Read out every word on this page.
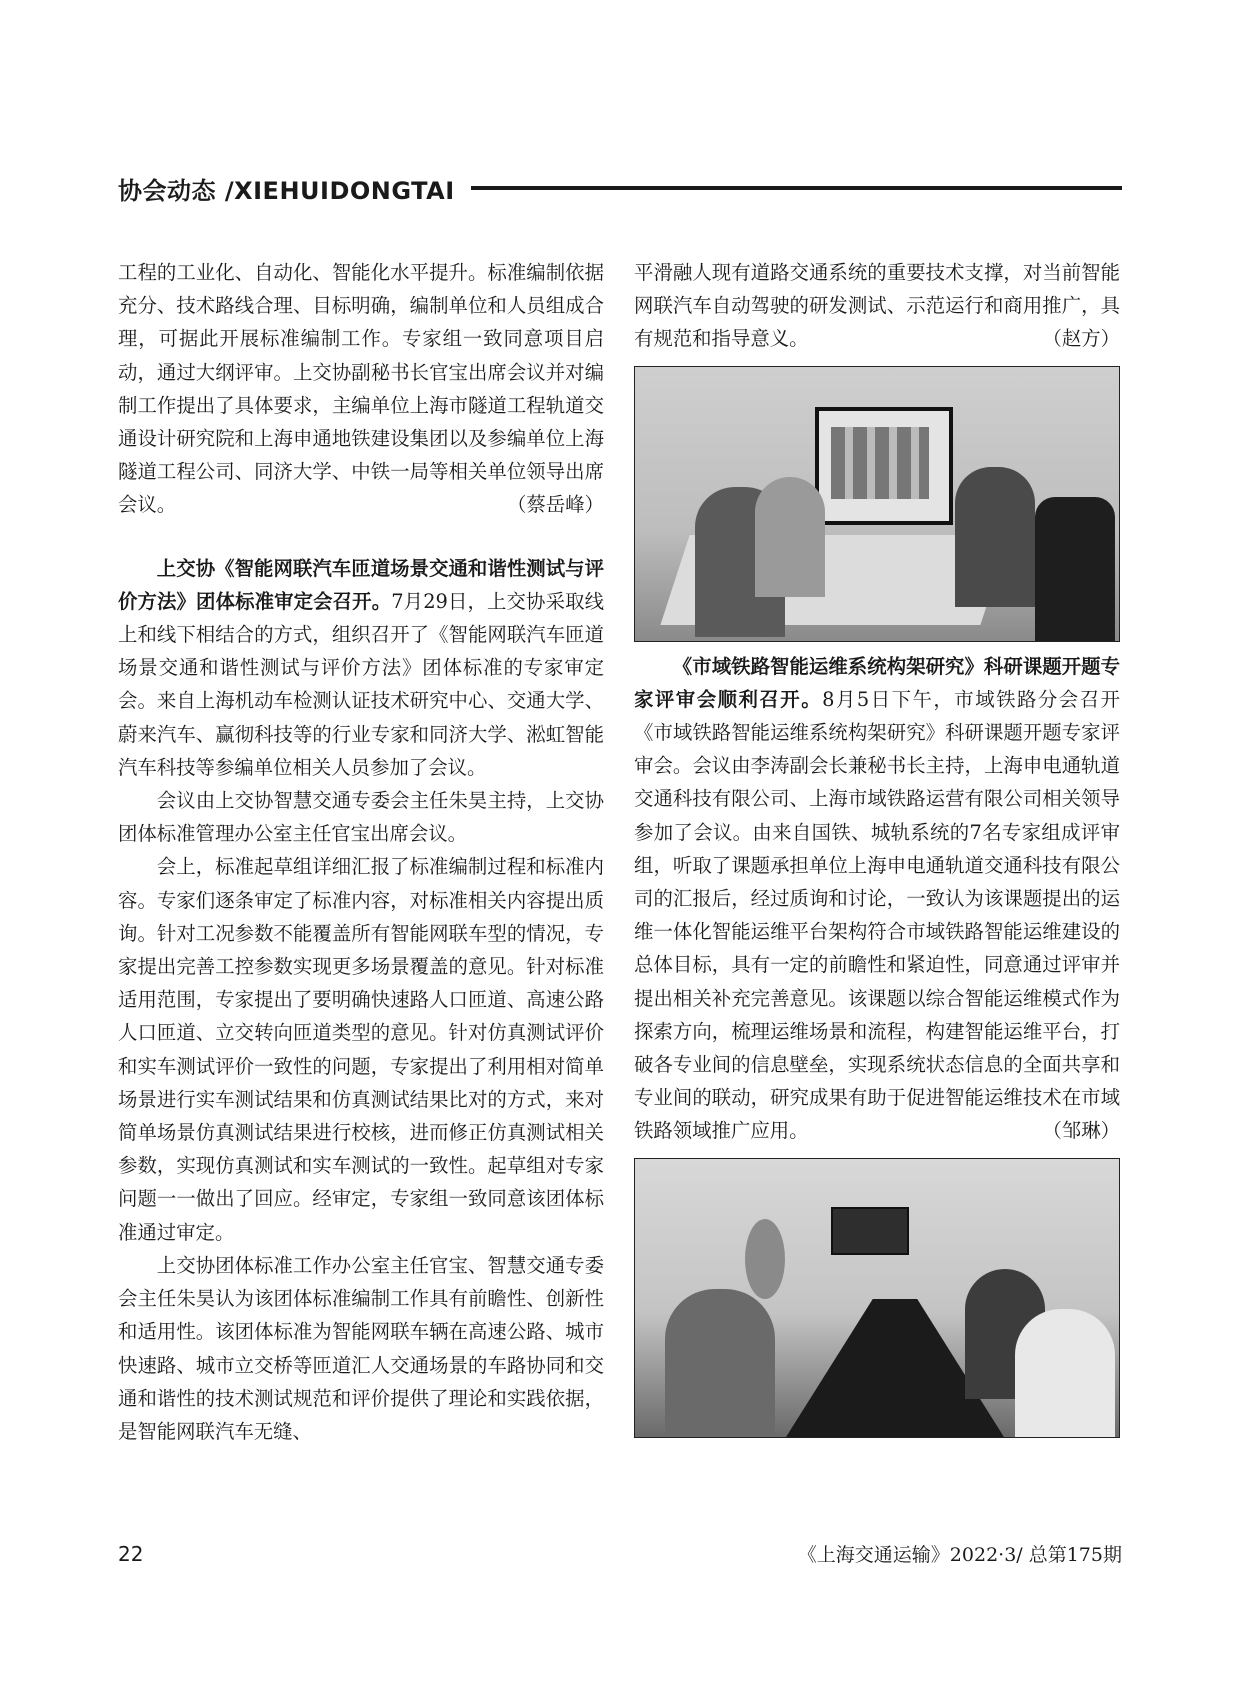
协会动态 /XIEHUIDONGTAI

工程的工业化、自动化、智能化水平提升。标准编制依据充分、技术路线合理、目标明确，编制单位和人员组成合理，可据此开展标准编制工作。专家组一致同意项目启动，通过大纲评审。上交协副秘书长官宝出席会议并对编制工作提出了具体要求，主编单位上海市隧道工程轨道交通设计研究院和上海申通地铁建设集团以及参编单位上海隧道工程公司、同济大学、中铁一局等相关单位领导出席会议。	（蔡岳峰）

上交协《智能网联汽车匝道场景交通和谐性测试与评价方法》团体标准审定会召开。7月29日，上交协采取线上和线下相结合的方式，组织召开了《智能网联汽车匝道场景交通和谐性测试与评价方法》团体标准的专家审定会。来自上海机动车检测认证技术研究中心、交通大学、蔚来汽车、赢彻科技等的行业专家和同济大学、淞虹智能汽车科技等参编单位相关人员参加了会议。

会议由上交协智慧交通专委会主任朱昊主持，上交协团体标准管理办公室主任官宝出席会议。

会上，标准起草组详细汇报了标准编制过程和标准内容。专家们逐条审定了标准内容，对标准相关内容提出质询。针对工况参数不能覆盖所有智能网联车型的情况，专家提出完善工控参数实现更多场景覆盖的意见。针对标准适用范围，专家提出了要明确快速路人口匝道、高速公路人口匝道、立交转向匝道类型的意见。针对仿真测试评价和实车测试评价一致性的问题，专家提出了利用相对简单场景进行实车测试结果和仿真测试结果比对的方式，来对简单场景仿真测试结果进行校核，进而修正仿真测试相关参数，实现仿真测试和实车测试的一致性。起草组对专家问题一一做出了回应。经审定，专家组一致同意该团体标准通过审定。

上交协团体标准工作办公室主任官宝、智慧交通专委会主任朱昊认为该团体标准编制工作具有前瞻性、创新性和适用性。该团体标准为智能网联车辆在高速公路、城市快速路、城市立交桥等匝道汇人交通场景的车路协同和交通和谐性的技术测试规范和评价提供了理论和实践依据，是智能网联汽车无缝、

平滑融人现有道路交通系统的重要技术支撑，对当前智能网联汽车自动驾驶的研发测试、示范运行和商用推广，具有规范和指导意义。	（赵方）

《市域铁路智能运维系统构架研究》科研课题开题专家评审会顺利召开。8月5日下午，市域铁路分会召开《市域铁路智能运维系统构架研究》科研课题开题专家评审会。会议由李涛副会长兼秘书长主持，上海申电通轨道交通科技有限公司、上海市域铁路运营有限公司相关领导参加了会议。由来自国铁、城轨系统的7名专家组成评审组，听取了课题承担单位上海申电通轨道交通科技有限公司的汇报后，经过质询和讨论，一致认为该课题提出的运维一体化智能运维平台架构符合市域铁路智能运维建设的总体目标，具有一定的前瞻性和紧迫性，同意通过评审并提出相关补充完善意见。该课题以综合智能运维模式作为探索方向，梳理运维场景和流程，构建智能运维平台，打破各专业间的信息壁垒，实现系统状态信息的全面共享和专业间的联动，研究成果有助于促进智能运维技术在市域铁路领域推广应用。	（邹琳）

22	《上海交通运输》2022·3/ 总第175期
